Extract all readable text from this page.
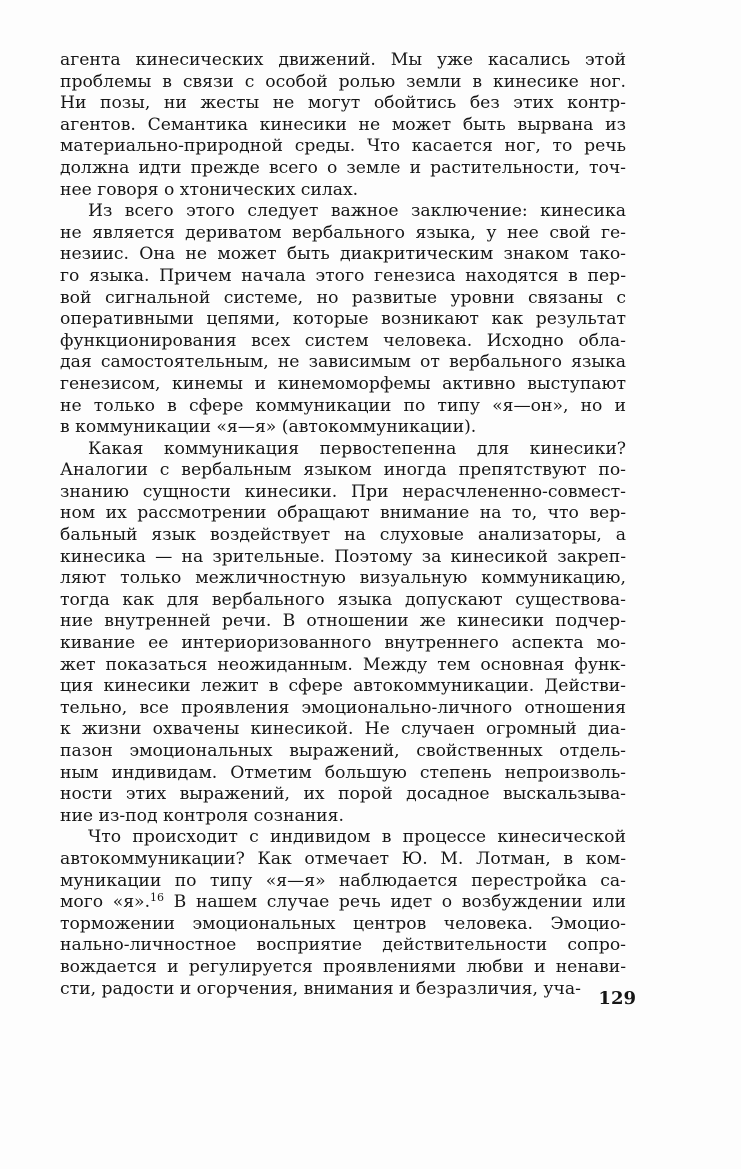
агента кинесических движений. Мы уже касались этой
проблемы в связи с особой ролью земли в кинесике ног.
Ни позы, ни жесты не могут обойтись без этих контр-
агентов. Семантика кинесики не может быть вырвана из
материально-природной среды. Что касается ног, то речь
должна идти прежде всего о земле и растительности, точ-
нее говоря о хтонических силах.
Из всего этого следует важное заключение: кинесика
не является дериватом вербального языка, у нее свой ге-
незиис. Она не может быть диакритическим знаком тако-
го языка. Причем начала этого генезиса находятся в пер-
вой сигнальной системе, но развитые уровни связаны с
оперативными цепями, которые возникают как результат
функционирования всех систем человека. Исходно обла-
дая самостоятельным, не зависимым от вербального языка
генезисом, кинемы и кинемоморфемы активно выступают
не только в сфере коммуникации по типу «я—он», но и
в коммуникации «я—я» (автокоммуникации).
Какая коммуникация первостепенна для кинесики?
Аналогии с вербальным языком иногда препятствуют по-
знанию сущности кинесики. При нерасчлененно-совмест-
ном их рассмотрении обращают внимание на то, что вер-
бальный язык воздействует на слуховые анализаторы, а
кинесика — на зрительные. Поэтому за кинесикой закреп-
ляют только межличностную визуальную коммуникацию,
тогда как для вербального языка допускают существова-
ние внутренней речи. В отношении же кинесики подчер-
кивание ее интериоризованного внутреннего аспекта мо-
жет показаться неожиданным. Между тем основная функ-
ция кинесики лежит в сфере автокоммуникации. Действи-
тельно, все проявления эмоционально-личного отношения
к жизни охвачены кинесикой. Не случаен огромный диа-
пазон эмоциональных выражений, свойственных отдель-
ным индивидам. Отметим большую степень непроизволь-
ности этих выражений, их порой досадное выскальзыва-
ние из-под контроля сознания.
Что происходит с индивидом в процессе кинесической
автокоммуникации? Как отмечает Ю. М. Лотман, в ком-
муникации по типу «я—я» наблюдается перестройка са-
мого «я».$^{16}$ В нашем случае речь идет о возбуждении или
торможении эмоциональных центров человека. Эмоцио-
нально-личностное восприятие действительности сопро-
вождается и регулируется проявлениями любви и ненави-
сти, радости и огорчения, внимания и безразличия, уча- 129
